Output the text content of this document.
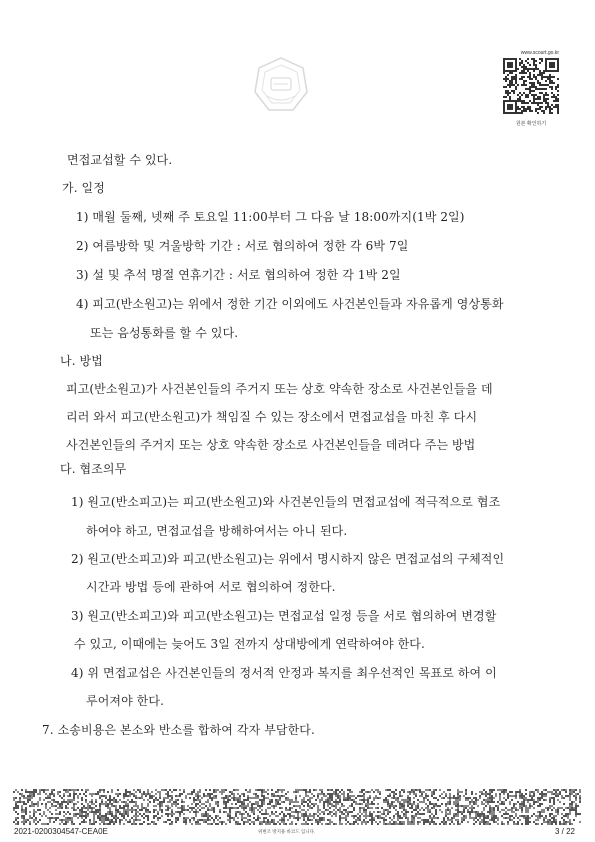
www.scourt.go.kr
원본 확인하기
면접교섭할 수 있다.
가. 일정
1) 매월 둘째, 넷째 주 토요일 11:00부터 그 다음 날 18:00까지(1박 2일)
2) 여름방학 및 겨울방학 기간 : 서로 협의하여 정한 각 6박 7일
3) 설 및 추석 명절 연휴기간 : 서로 협의하여 정한 각 1박 2일
4) 피고(반소원고)는 위에서 정한 기간 이외에도 사건본인들과 자유롭게 영상통화
또는 음성통화를 할 수 있다.
나. 방법
피고(반소원고)가 사건본인들의 주거지 또는 상호 약속한 장소로 사건본인들을 데
리러 와서 피고(반소원고)가 책임질 수 있는 장소에서 면접교섭을 마친 후 다시
사건본인들의 주거지 또는 상호 약속한 장소로 사건본인들을 데려다 주는 방법
다. 협조의무
1) 원고(반소피고)는 피고(반소원고)와 사건본인들의 면접교섭에 적극적으로 협조
하여야 하고, 면접교섭을 방해하여서는 아니 된다.
2) 원고(반소피고)와 피고(반소원고)는 위에서 명시하지 않은 면접교섭의 구체적인
시간과 방법 등에 관하여 서로 협의하여 정한다.
3) 원고(반소피고)와 피고(반소원고)는 면접교섭 일정 등을 서로 협의하여 변경할
수 있고, 이때에는 늦어도 3일 전까지 상대방에게 연락하여야 한다.
4) 위 면접교섭은 사건본인들의 정서적 안정과 복지를 최우선적인 목표로 하여 이
루어져야 한다.
7. 소송비용은 본소와 반소를 합하여 각자 부담한다.
2021-0200304547-CEA0E	위변조 방지용 바코드 입니다.	3 / 22
